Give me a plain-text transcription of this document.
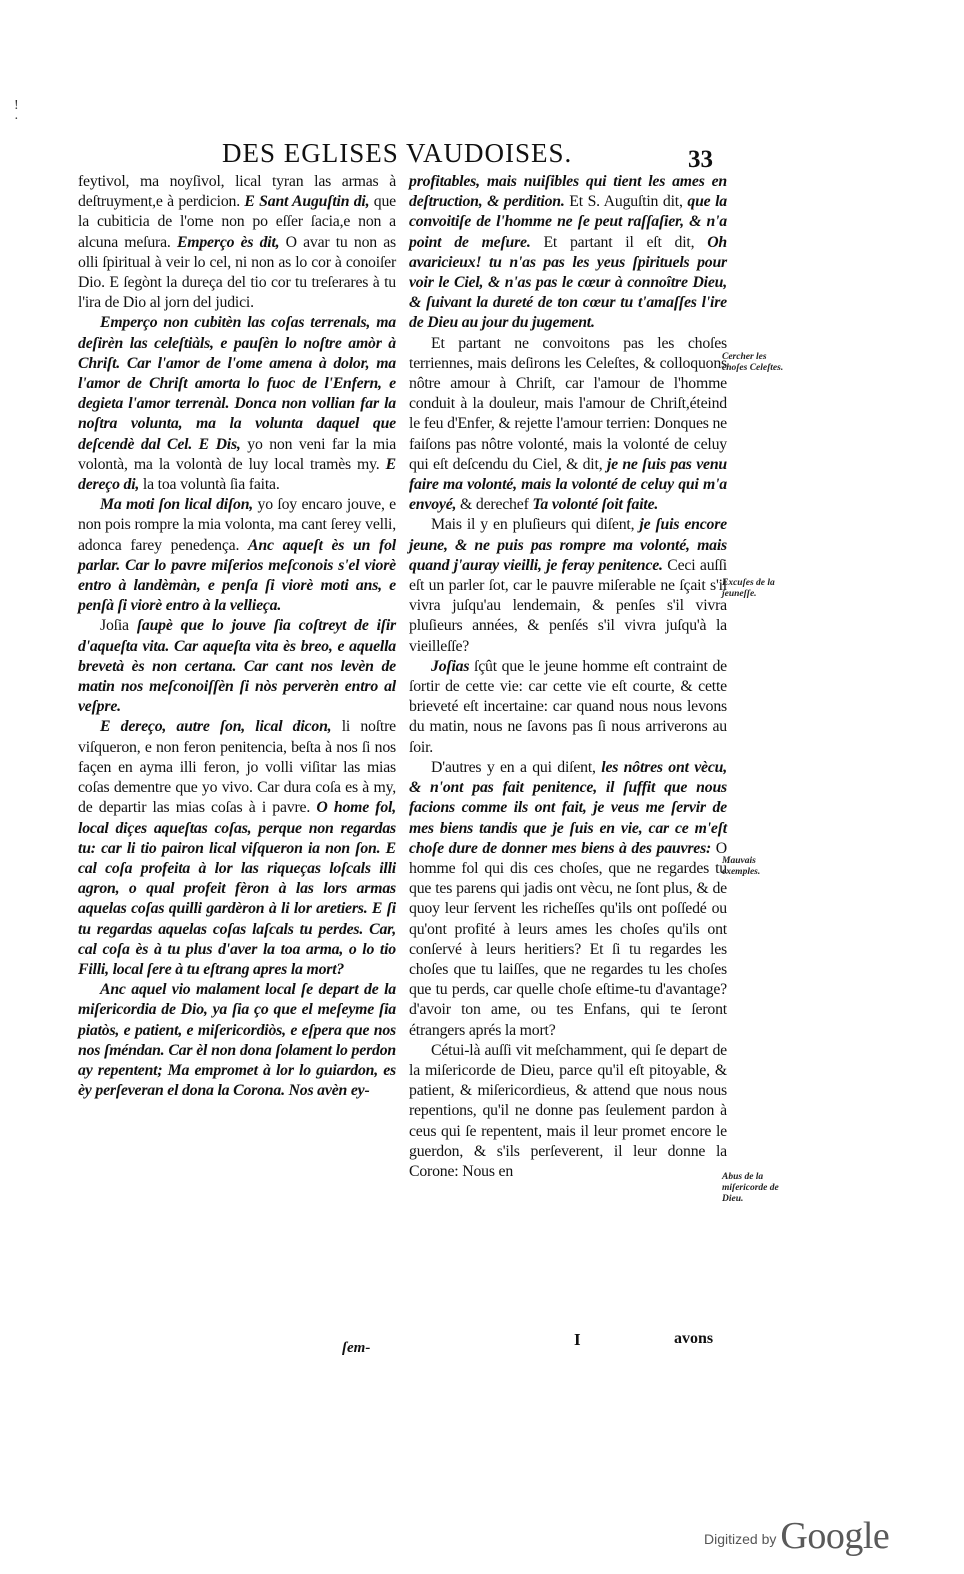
!
·
DES EGLISES VAUDOISES.	33

feytivol, ma noyſivol, lical tyran las armas à deſtruyment,e à perdicion. E Sant Auguſtin di, que la cubiticia de l'ome non po eſſer ſacia,e non a alcuna meſura. Emperço ès dit, O avar tu non as olli ſpiritual à veir lo cel, ni non as lo cor à conoiſer Dio. E ſegònt la dureça del tio cor tu treſerares à tu l'ira de Dio al jorn del judici.

Emperço non cubitèn las coſas terrenals, ma deſirèn las celeſtiàls, e pauſèn lo noſtre amòr à Chriſt. Car l'amor de l'ome amena à dolor, ma l'amor de Chriſt amorta lo fuoc de l'Enfern, e degieta l'amor terrenàl. Donca non vollian far la noſtra volunta, ma la volunta daquel que deſcendè dal Cel. E Dis, yo non veni far la mia volontà, ma la volontà de luy local tramès my. E dereço di, la toa voluntà ſia faita.

Ma moti ſon lical diſon, yo ſoy encaro jouve, e non pois rompre la mia volonta, ma cant ſerey velli, adonca farey penedença. Anc aqueſt ès un fol parlar. Car lo pavre miſerios meſconois s'el viorè entro à landèmàn, e penſa ſi viorè moti ans, e penſà ſi viorè entro à la vellieça.

Joſia ſaupè que lo jouve ſia coſtreyt de iſir d'aqueſta vita. Car aqueſta vita ès breo, e aquella brevetà ès non certana. Car cant nos levèn de matin nos meſconoiſſèn ſi nòs perverèn entro al veſpre.

E dereço, autre ſon, lical dicon, li noſtre viſqueron, e non feron penitencia, beſta à nos ſi nos façen en ayma illi feron, jo volli viſitar las mias coſas dementre que yo vivo. Car dura coſa es à my, de departir las mias coſas à i pavre. O home fol, local diçes aqueſtas coſas, perque non regardas tu: car li tio pairon lical viſqueron ia non ſon. E cal coſa profeita à lor las riqueças loſcals illi agron, o qual profeit fèron à las lors armas aquelas coſas quilli gardèron à li lor aretiers. E ſi tu regardas aquelas coſas laſcals tu perdes. Car, cal coſa ès à tu plus d'aver la toa arma, o lo tio Filli, local ſere à tu eſtrang apres la mort?

Anc aquel vio malament local ſe depart de la miſericordia de Dio, ya ſia ço que el meſeyme ſia piatòs, e patient, e miſericordiòs, e eſpera que nos nos ſméndan. Car èl non dona ſolament lo perdon ay repentent; Ma empromet à lor lo guiardon, es èy perſeveran el dona la Corona. Nos avèn ey-

profitables, mais nuiſibles qui tient les ames en deſtruction, & perdition. Et S. Auguſtin dit, que la convoitiſe de l'homme ne ſe peut raſſaſier, & n'a point de meſure. Et partant il eſt dit, Oh avaricieux! tu n'as pas les yeus ſpirituels pour voir le Ciel, & n'as pas le cœur à connoître Dieu, & ſuivant la dureté de ton cœur tu t'amaſſes l'ire de Dieu au jour du jugement.

Et partant ne convoitons pas les choſes terriennes, mais deſirons les Celeſtes, & colloquons nôtre amour à Chriſt, car l'amour de l'homme conduit à la douleur, mais l'amour de Chriſt,éteind le feu d'Enfer, & rejette l'amour terrien: Donques ne faiſons pas nôtre volonté, mais la volonté de celuy qui eſt deſcendu du Ciel, & dit, je ne ſuis pas venu faire ma volonté, mais la volonté de celuy qui m'a envoyé, & derechef Ta volonté ſoit faite.

Mais il y en pluſieurs qui diſent, je ſuis encore jeune, & ne puis pas rompre ma volonté, mais quand j'auray vieilli, je feray penitence. Ceci auſſi eſt un parler ſot, car le pauvre miſerable ne ſçait s'il vivra juſqu'au lendemain, & penſes s'il vivra pluſieurs années, & penſés s'il vivra juſqu'à la vieilleſſe?

Joſias ſçût que le jeune homme eſt contraint de ſortir de cette vie: car cette vie eſt courte, & cette brieveté eſt incertaine: car quand nous nous levons du matin, nous ne ſavons pas ſi nous arriverons au ſoir.

D'autres y en a qui diſent, les nôtres ont vècu, & n'ont pas fait penitence, il ſuffit que nous facions comme ils ont fait, je veus me ſervir de mes biens tandis que je ſuis en vie, car ce m'eſt choſe dure de donner mes biens à des pauvres: O homme fol qui dis ces choſes, que ne regardes tu que tes parens qui jadis ont vècu, ne ſont plus, & de quoy leur ſervent les richeſſes qu'ils ont poſſedé ou qu'ont profité à leurs ames les choſes qu'ils ont conſervé à leurs heritiers? Et ſi tu regardes les choſes que tu laiſſes, que ne regardes tu les choſes que tu perds, car quelle choſe eſtime-tu d'avantage? d'avoir ton ame, ou tes Enfans, qui te ſeront étrangers aprés la mort?

Cétui-là auſſi vit meſchamment, qui ſe depart de la miſericorde de Dieu, parce qu'il eſt pitoyable, & patient, & miſericordieus, & attend que nous nous repentions, qu'il ne donne pas ſeulement pardon à ceus qui ſe repentent, mais il leur promet encore le guerdon, & s'ils perſeverent, il leur donne la Corone: Nous en

Cercher les choſes Celeſtes.
Excuſes de la jeuneſſe.
Mauvais exemples.
Abus de la miſericorde de Dieu.
ſem-	I	avons
Digitized by Google
